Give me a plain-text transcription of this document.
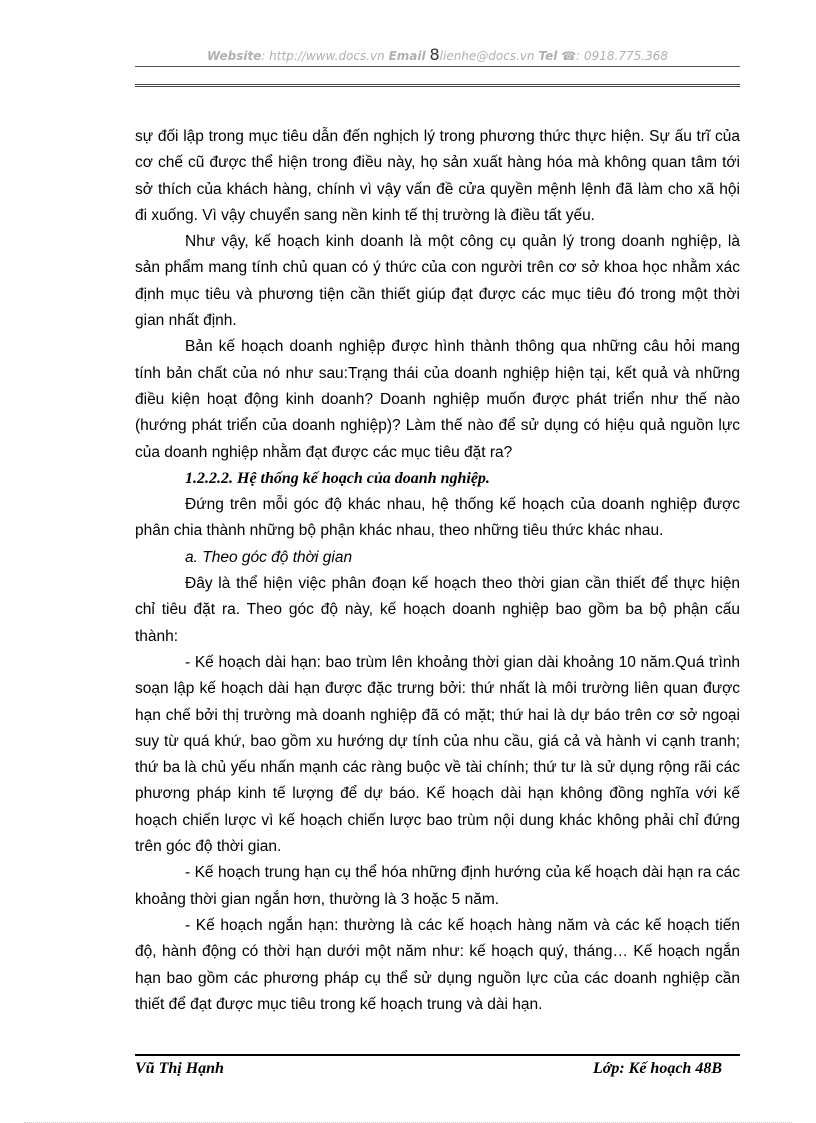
Website: http://www.docs.vn Email 8lienhe@docs.vn Tel ☎: 0918.775.368

sự đối lập trong mục tiêu dẫn đến nghịch lý trong phương thức thực hiện. Sự ấu trĩ của cơ chế cũ được thể hiện trong điều này, họ sản xuất hàng hóa mà không quan tâm tới sở thích của khách hàng, chính vì vậy vấn đề cửa quyền mệnh lệnh đã làm cho xã hội đi xuống. Vì vậy chuyển sang nền kinh tế thị trường là điều tất yếu.

Như vậy, kế hoạch kinh doanh là một công cụ quản lý trong doanh nghiệp, là sản phẩm mang tính chủ quan có ý thức của con người trên cơ sở khoa học nhằm xác định mục tiêu và phương tiện cần thiết giúp đạt được các mục tiêu đó trong một thời gian nhất định.

Bản kế hoạch doanh nghiệp được hình thành thông qua những câu hỏi mang tính bản chất của nó như sau:Trạng thái của doanh nghiệp hiện tại, kết quả và những điều kiện hoạt động kinh doanh? Doanh nghiệp muốn được phát triển như thế nào (hướng phát triển của doanh nghiệp)? Làm thế nào để sử dụng có hiệu quả nguồn lực của doanh nghiệp nhằm đạt được các mục tiêu đặt ra?

1.2.2.2. Hệ thống kế hoạch của doanh nghiệp.

Đứng trên mỗi góc độ khác nhau, hệ thống kế hoạch của doanh nghiệp được phân chia thành những bộ phận khác nhau, theo những tiêu thức khác nhau.

a. Theo góc độ thời gian

Đây là thể hiện việc phân đoạn kế hoạch theo thời gian cần thiết để thực hiện chỉ tiêu đặt ra. Theo góc độ này, kế hoạch doanh nghiệp bao gồm ba bộ phận cấu thành:

- Kế hoạch dài hạn: bao trùm lên khoảng thời gian dài khoảng 10 năm.Quá trình soạn lập kế hoạch dài hạn được đặc trưng bởi: thứ nhất là môi trường liên quan được hạn chế bởi thị trường mà doanh nghiệp đã có mặt; thứ hai là dự báo trên cơ sở ngoại suy từ quá khứ, bao gồm xu hướng dự tính của nhu cầu, giá cả và hành vi cạnh tranh; thứ ba là chủ yếu nhấn mạnh các ràng buộc về tài chính; thứ tư là sử dụng rộng rãi các phương pháp kinh tế lượng để dự báo. Kế hoạch dài hạn không đồng nghĩa với kế hoạch chiến lược vì kế hoạch chiến lược bao trùm nội dung khác không phải chỉ đứng trên góc độ thời gian.

- Kế hoạch trung hạn cụ thể hóa những định hướng của kế hoạch dài hạn ra các khoảng thời gian ngắn hơn, thường là 3 hoặc 5 năm.

- Kế hoạch ngắn hạn: thường là các kế hoạch hàng năm và các kế hoạch tiến độ, hành động có thời hạn dưới một năm như: kế hoạch quý, tháng… Kế hoạch ngắn hạn bao gồm các phương pháp cụ thể sử dụng nguồn lực của các doanh nghiệp cần thiết để đạt được mục tiêu trong kế hoạch trung và dài hạn.

Vũ Thị Hạnh	Lớp: Kế hoạch 48B
